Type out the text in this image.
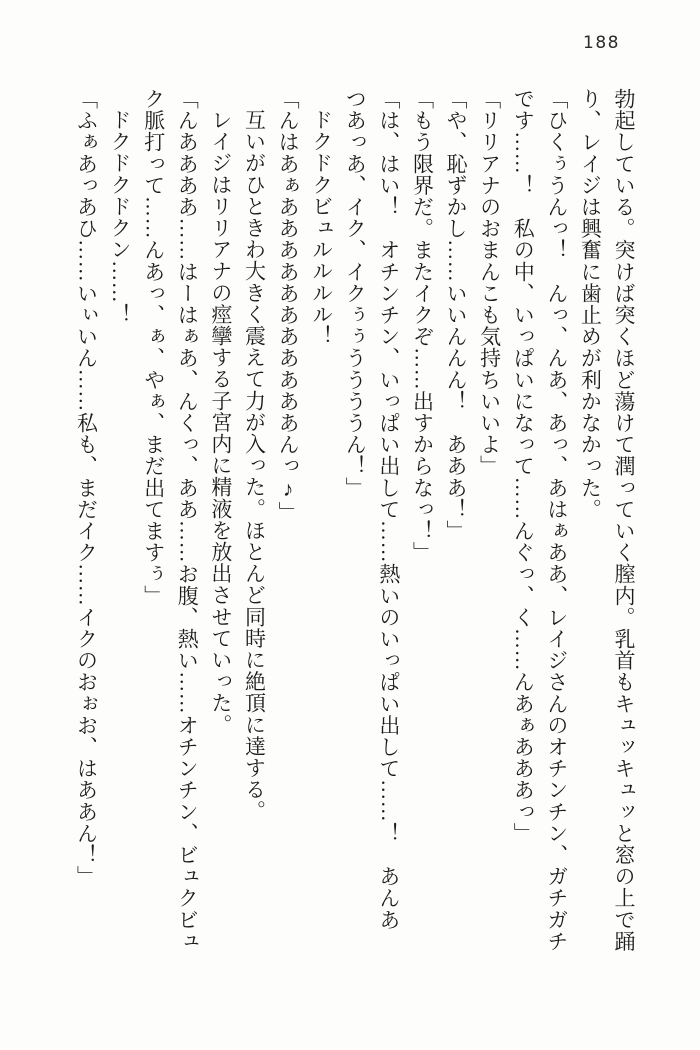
188

勃起している。突けば突くほど蕩けて潤っていく膣内。乳首もキュッキュッと窓の上で踊

り、レイジは興奮に歯止めが利かなかった。

「ひくぅうんっ！　んっ、んあ、あっ、あはぁああ、レイジさんのオチンチン、ガチガチ

です……！　私の中、いっぱいになって……んぐっ、く……んあぁあああっ」

「リリアナのおまんこも気持ちいいよ」

「や、恥ずかし……いいんんん！　あああ！」

「もう限界だ。またイクぞ……出すからなっ！」

「は、はい！　オチンチン、いっぱい出して……熱いのいっぱい出して……！　あんあ

つあっあ、イク、イクぅぅううううん！」

ドクドクビュルルルル！

「んはあぁあああああああああああんっ♪」

互いがひときわ大きく震えて力が入った。ほとんど同時に絶頂に達する。

レイジはリリアナの痙攣する子宮内に精液を放出させていった。

「んああああ……はーはぁあ、んくっ、ああ……お腹、熱い……オチンチン、ビュクビュ

ク脈打って……んあっ、ぁ、やぁ、まだ出てますぅ」

ドクドクドクン……！

「ふぁあっあひ……いぃいん……私も、まだイク……イクのおぉお、はああん！」
